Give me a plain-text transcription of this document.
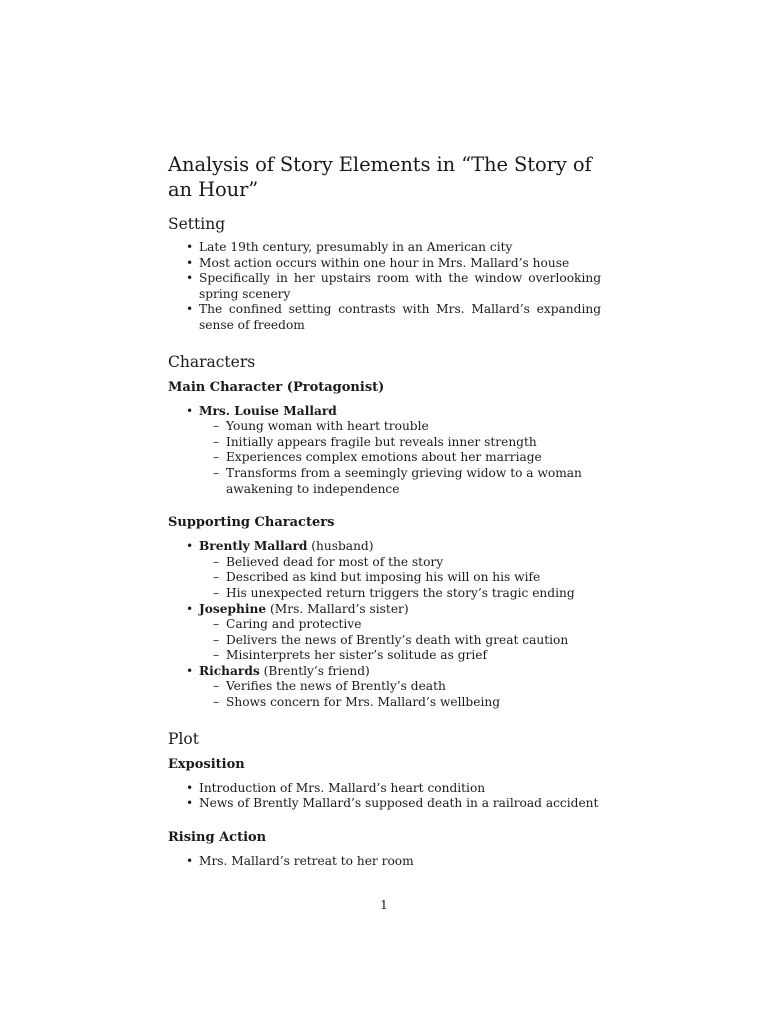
Analysis of Story Elements in “The Story of an Hour”
Setting
• Late 19th century, presumably in an American city
• Most action occurs within one hour in Mrs. Mallard’s house
• Specifically in her upstairs room with the window overlooking spring scenery
• The confined setting contrasts with Mrs. Mallard’s expanding sense of freedom
Characters
Main Character (Protagonist)
• Mrs. Louise Mallard
– Young woman with heart trouble
– Initially appears fragile but reveals inner strength
– Experiences complex emotions about her marriage
– Transforms from a seemingly grieving widow to a woman awakening to independence
Supporting Characters
• Brently Mallard (husband)
– Believed dead for most of the story
– Described as kind but imposing his will on his wife
– His unexpected return triggers the story’s tragic ending
• Josephine (Mrs. Mallard’s sister)
– Caring and protective
– Delivers the news of Brently’s death with great caution
– Misinterprets her sister’s solitude as grief
• Richards (Brently’s friend)
– Verifies the news of Brently’s death
– Shows concern for Mrs. Mallard’s wellbeing
Plot
Exposition
• Introduction of Mrs. Mallard’s heart condition
• News of Brently Mallard’s supposed death in a railroad accident
Rising Action
• Mrs. Mallard’s retreat to her room
1
